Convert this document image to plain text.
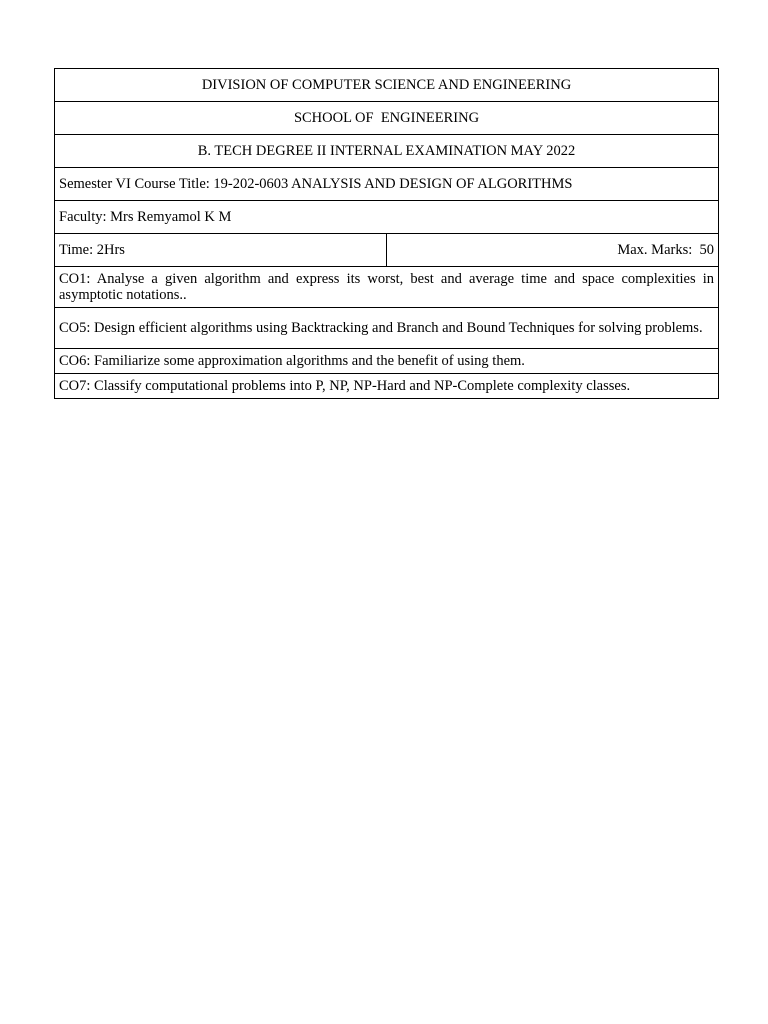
DIVISION OF COMPUTER SCIENCE AND ENGINEERING
SCHOOL OF  ENGINEERING
B. TECH DEGREE II INTERNAL EXAMINATION MAY 2022
Semester VI Course Title: 19-202-0603 ANALYSIS AND DESIGN OF ALGORITHMS
Faculty: Mrs Remyamol K M
Time: 2Hrs	Max. Marks:  50
CO1: Analyse a given algorithm and express its worst, best and average time and space complexities in asymptotic notations..
CO5: Design efficient algorithms using Backtracking and Branch and Bound Techniques for solving problems.
CO6: Familiarize some approximation algorithms and the benefit of using them.
CO7: Classify computational problems into P, NP, NP-Hard and NP-Complete complexity classes.
